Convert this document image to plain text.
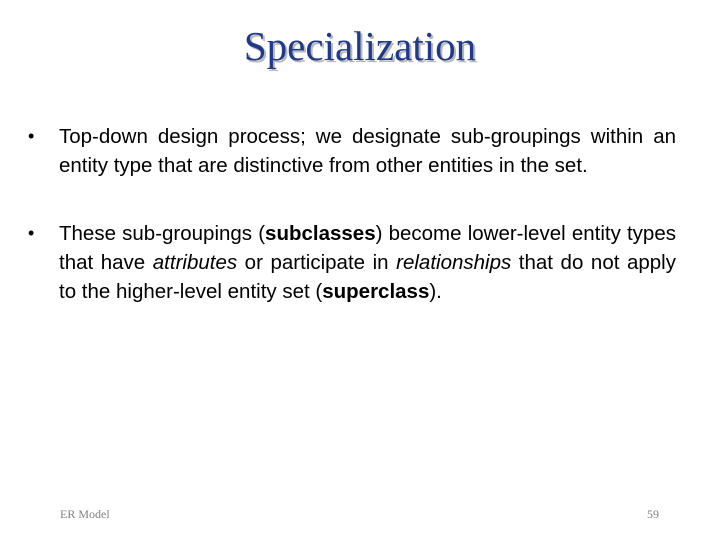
Specialization
• Top-down design process; we designate sub-groupings within an entity type that are distinctive from other entities in the set.
• These sub-groupings (subclasses) become lower-level entity types that have attributes or participate in relationships that do not apply to the higher-level entity set (superclass).
ER Model	59
